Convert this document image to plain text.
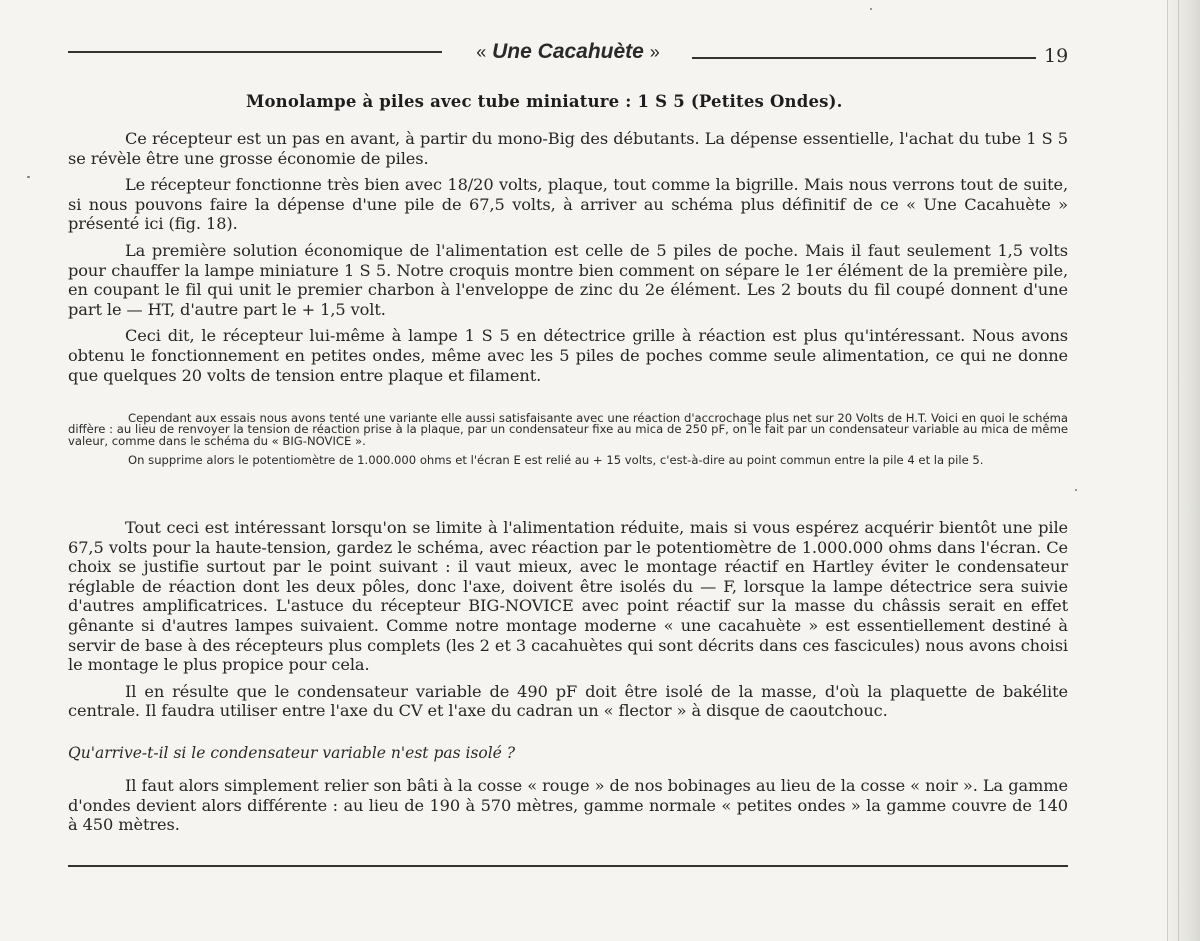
« Une Cacahuète »	19
Monolampe à piles avec tube miniature : 1 S 5 (Petites Ondes).

Ce récepteur est un pas en avant, à partir du mono-Big des débutants. La dépense essentielle, l'achat du tube 1 S 5 se révèle être une grosse économie de piles.

Le récepteur fonctionne très bien avec 18/20 volts, plaque, tout comme la bigrille. Mais nous verrons tout de suite, si nous pouvons faire la dépense d'une pile de 67,5 volts, à arriver au schéma plus définitif de ce « Une Cacahuète » présenté ici (fig. 18).

La première solution économique de l'alimentation est celle de 5 piles de poche. Mais il faut seulement 1,5 volts pour chauffer la lampe miniature 1 S 5. Notre croquis montre bien comment on sépare le 1er élément de la première pile, en coupant le fil qui unit le premier charbon à l'enveloppe de zinc du 2e élément. Les 2 bouts du fil coupé donnent d'une part le — HT, d'autre part le + 1,5 volt.

Ceci dit, le récepteur lui-même à lampe 1 S 5 en détectrice grille à réaction est plus qu'intéressant. Nous avons obtenu le fonctionnement en petites ondes, même avec les 5 piles de poches comme seule alimentation, ce qui ne donne que quelques 20 volts de tension entre plaque et filament.

Cependant aux essais nous avons tenté une variante elle aussi satisfaisante avec une réaction d'accrochage plus net sur 20 Volts de H.T. Voici en quoi le schéma diffère : au lieu de renvoyer la tension de réaction prise à la plaque, par un condensateur fixe au mica de 250 pF, on le fait par un condensateur variable au mica de même valeur, comme dans le schéma du « BIG-NOVICE ».

On supprime alors le potentiomètre de 1.000.000 ohms et l'écran E est relié au + 15 volts, c'est-à-dire au point commun entre la pile 4 et la pile 5.

Tout ceci est intéressant lorsqu'on se limite à l'alimentation réduite, mais si vous espérez acquérir bientôt une pile 67,5 volts pour la haute-tension, gardez le schéma, avec réaction par le potentiomètre de 1.000.000 ohms dans l'écran. Ce choix se justifie surtout par le point suivant : il vaut mieux, avec le montage réactif en Hartley éviter le condensateur réglable de réaction dont les deux pôles, donc l'axe, doivent être isolés du — F, lorsque la lampe détectrice sera suivie d'autres amplificatrices. L'astuce du récepteur BIG-NOVICE avec point réactif sur la masse du châssis serait en effet gênante si d'autres lampes suivaient. Comme notre montage moderne « une cacahuète » est essentiellement destiné à servir de base à des récepteurs plus complets (les 2 et 3 cacahuètes qui sont décrits dans ces fascicules) nous avons choisi le montage le plus propice pour cela.

Il en résulte que le condensateur variable de 490 pF doit être isolé de la masse, d'où la plaquette de bakélite centrale. Il faudra utiliser entre l'axe du CV et l'axe du cadran un « flector » à disque de caoutchouc.

Qu'arrive-t-il si le condensateur variable n'est pas isolé ?

Il faut alors simplement relier son bâti à la cosse « rouge » de nos bobinages au lieu de la cosse « noir ». La gamme d'ondes devient alors différente : au lieu de 190 à 570 mètres, gamme normale « petites ondes » la gamme couvre de 140 à 450 mètres.
